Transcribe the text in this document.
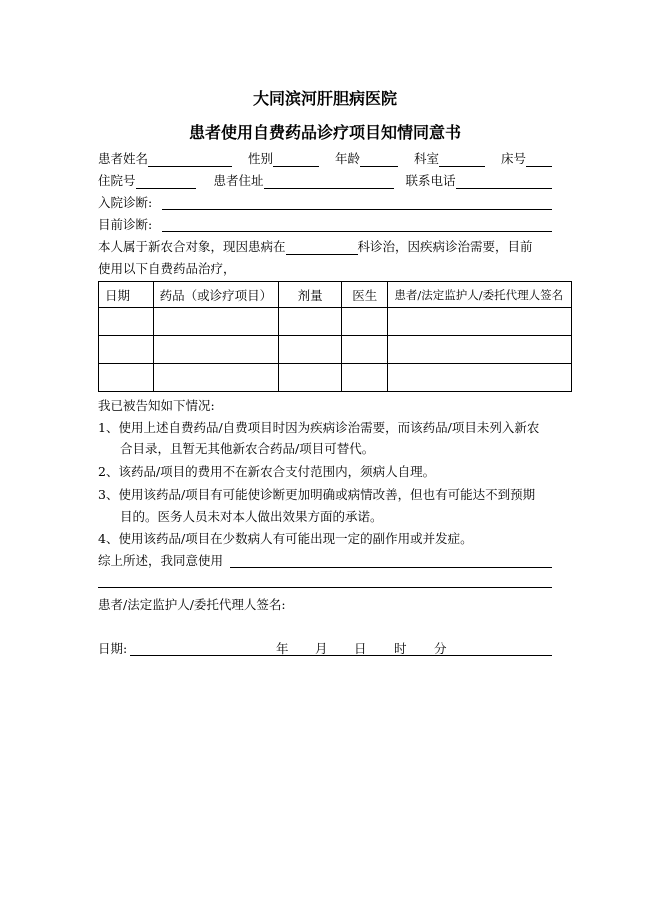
大同滨河肝胆病医院
患者使用自费药品诊疗项目知情同意书
患者姓名	性别	年龄	科室	床号
住院号	患者住址	联系电话
入院诊断:
目前诊断:
本人属于新农合对象，现因患病在	科诊治，因疾病诊治需要，目前
使用以下自费药品治疗，
日期	药品（或诊疗项目）	剂量	医生	患者/法定监护人/委托代理人签名

我已被告知如下情况:
1、使用上述自费药品/自费项目时因为疾病诊治需要，而该药品/项目未列入新农
合目录，且暂无其他新农合药品/项目可替代。
2、该药品/项目的费用不在新农合支付范围内，须病人自理。
3、使用该药品/项目有可能使诊断更加明确或病情改善，但也有可能达不到预期
目的。医务人员未对本人做出效果方面的承诺。
4、使用该药品/项目在少数病人有可能出现一定的副作用或并发症。
综上所述，我同意使用
患者/法定监护人/委托代理人签名:
日期:	年 月 日 时 分
